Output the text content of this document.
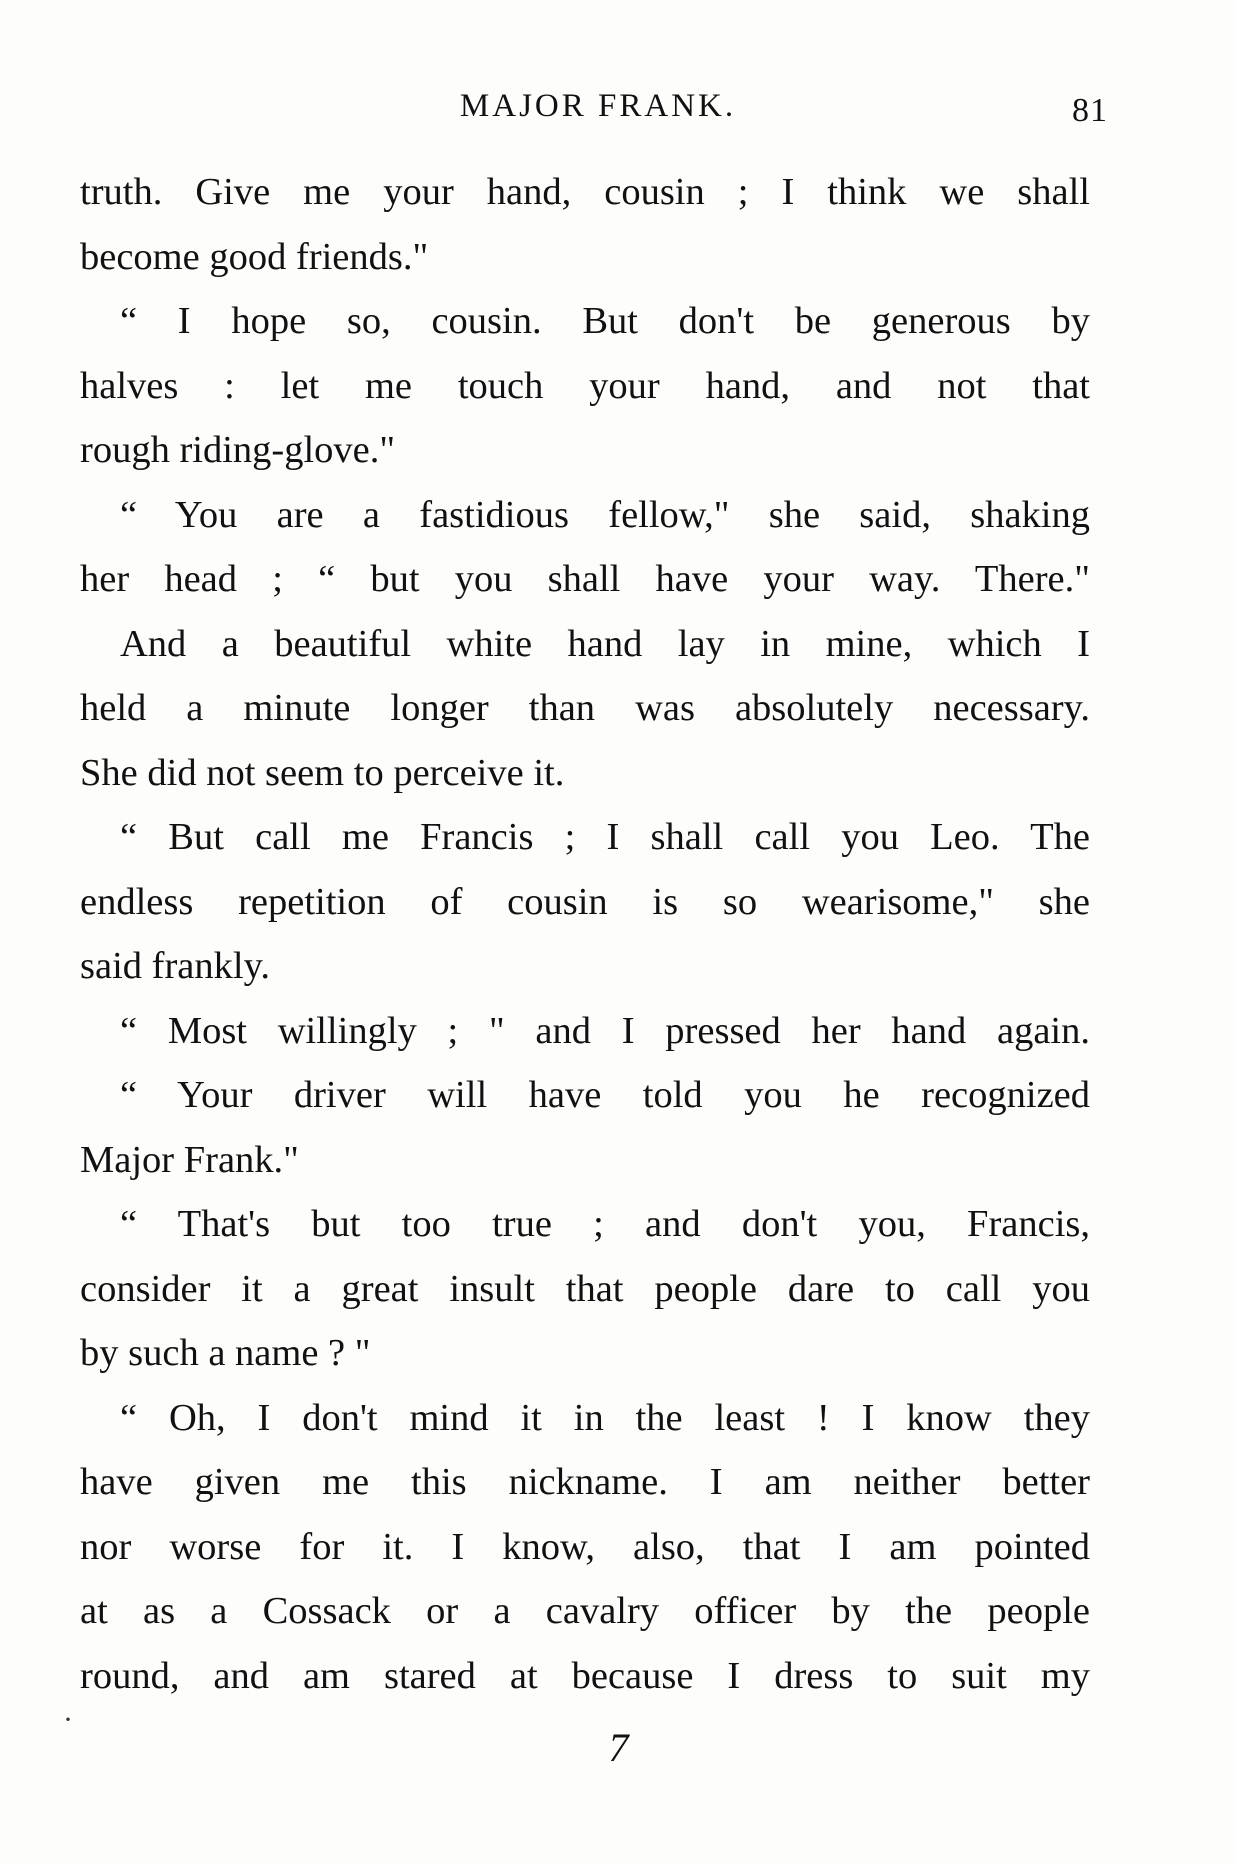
MAJOR FRANK.	81
·
truth. Give me your hand, cousin ; I think we shall
become good friends."
“ I hope so, cousin. But don't be generous by
halves : let me touch your hand, and not that
rough riding-glove."
“ You are a fastidious fellow," she said, shaking
her head ; “ but you shall have your way. There."
And a beautiful white hand lay in mine, which I
held a minute longer than was absolutely necessary.
She did not seem to perceive it.
“ But call me Francis ; I shall call you Leo. The
endless repetition of cousin is so wearisome," she
said frankly.
“ Most willingly ; " and I pressed her hand again.
“ Your driver will have told you he recognized
Major Frank."
“ That's but too true ; and don't you, Francis,
consider it a great insult that people dare to call you
by such a name ? "
“ Oh, I don't mind it in the least ! I know they
have given me this nickname. I am neither better
nor worse for it. I know, also, that I am pointed
at as a Cossack or a cavalry officer by the people
round, and am stared at because I dress to suit my
7
